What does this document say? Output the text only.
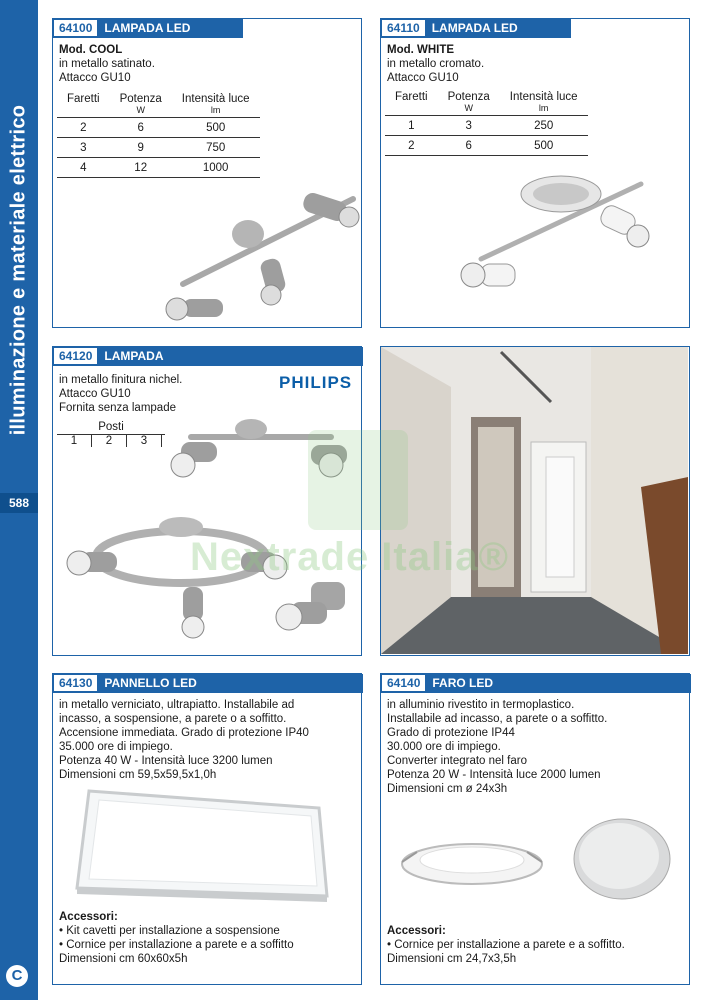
illuminazione e materiale elettrico
588
C
64100 LAMPADA LED
Mod. COOL
in metallo satinato.
Attacco GU10
Faretti	Potenza	Intensità luce
	W	lm
2	6	500
3	9	750
4	12	1000
64110 LAMPADA LED
Mod. WHITE
in metallo cromato.
Attacco GU10
Faretti	Potenza	Intensità luce
	W	lm
1	3	250
2	6	500
64120 LAMPADA
in metallo finitura nichel.
Attacco GU10
Fornita senza lampade
PHILIPS
Posti
1	2	3
Nextrade Italia®
64130 PANNELLO LED
in metallo verniciato, ultrapiatto. Installabile ad
incasso, a sospensione, a parete o a soffitto.
Accensione immediata. Grado di protezione IP40
35.000 ore di impiego.
Potenza 40 W - Intensità luce 3200 lumen
Dimensioni cm 59,5x59,5x1,0h
Accessori:
• Kit cavetti per installazione a sospensione
• Cornice per installazione a parete e a soffitto
Dimensioni cm 60x60x5h
64140 FARO LED
in alluminio rivestito in termoplastico.
Installabile ad incasso, a parete o a soffitto.
Grado di protezione IP44
30.000 ore di impiego.
Converter integrato nel faro
Potenza 20 W - Intensità luce 2000 lumen
Dimensioni cm ø 24x3h
Accessori:
• Cornice per installazione a parete e a soffitto.
Dimensioni cm 24,7x3,5h
